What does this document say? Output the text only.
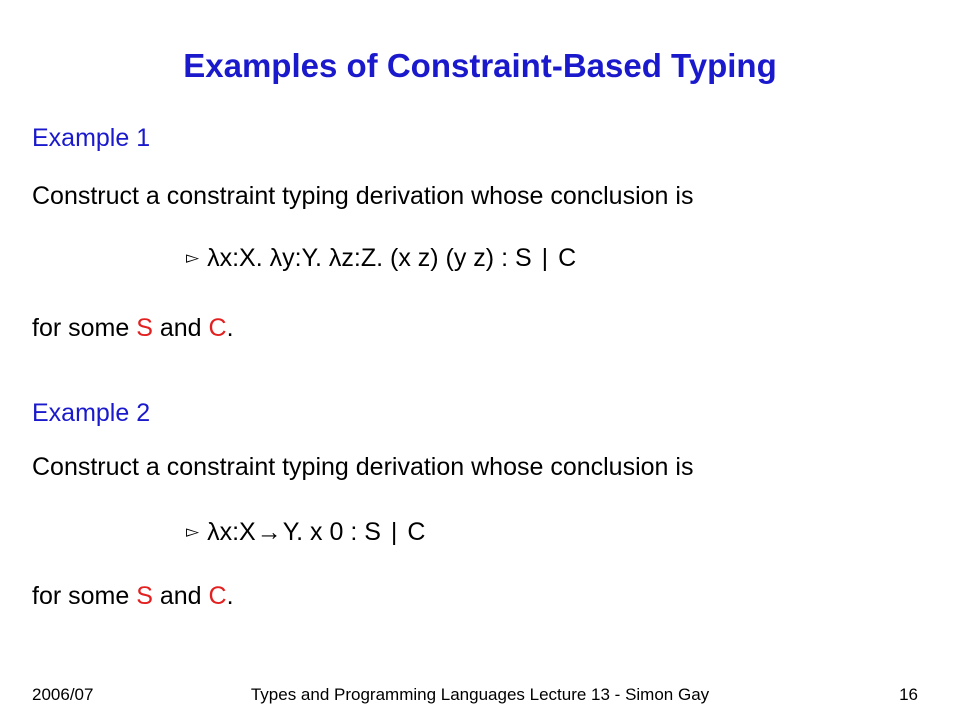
Examples of Constraint-Based Typing
Example 1
Construct a constraint typing derivation whose conclusion is
▻ λx:X. λy:Y. λz:Z. (x z) (y z) : S | C
for some S and C.
Example 2
Construct a constraint typing derivation whose conclusion is
▻ λx:X→Y. x 0 : S | C
for some S and C.
2006/07	Types and Programming Languages Lecture 13 - Simon Gay	16
